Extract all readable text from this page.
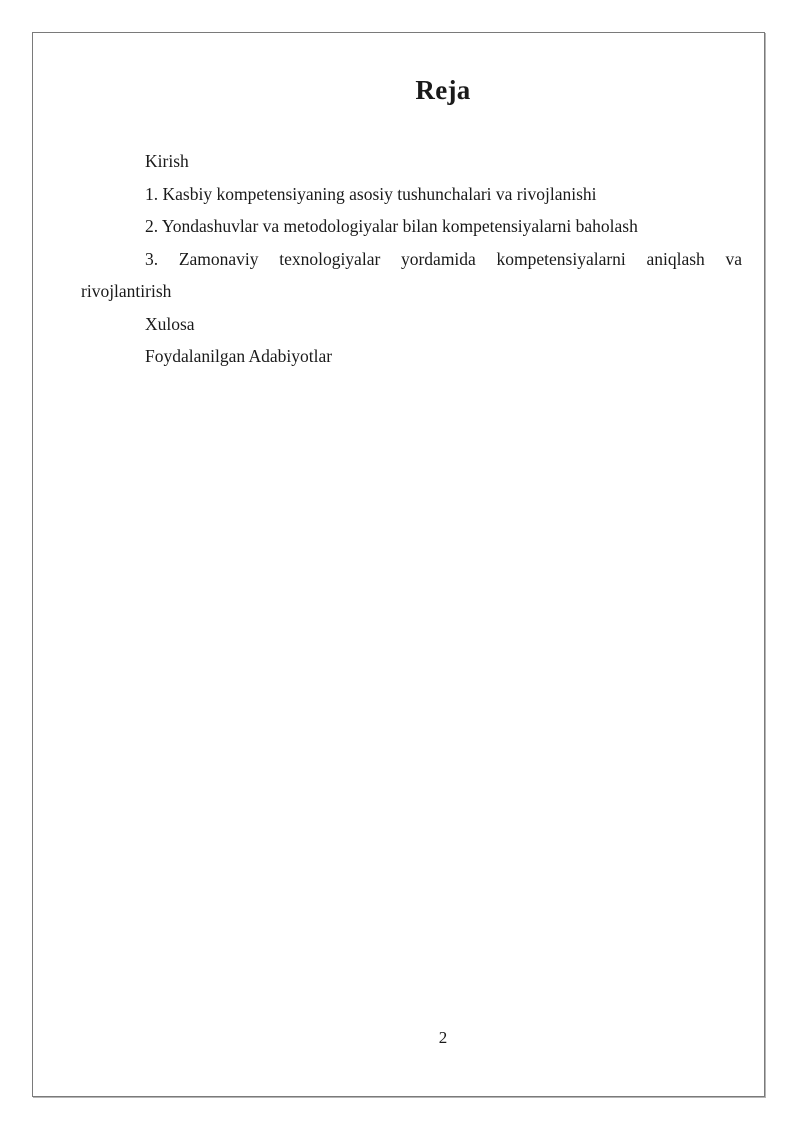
Reja
Kirish
1. Kasbiy kompetensiyaning asosiy tushunchalari va rivojlanishi
2. Yondashuvlar va metodologiyalar bilan kompetensiyalarni baholash
3. Zamonaviy texnologiyalar yordamida kompetensiyalarni aniqlash va
rivojlantirish
Xulosa
Foydalanilgan Adabiyotlar
2
